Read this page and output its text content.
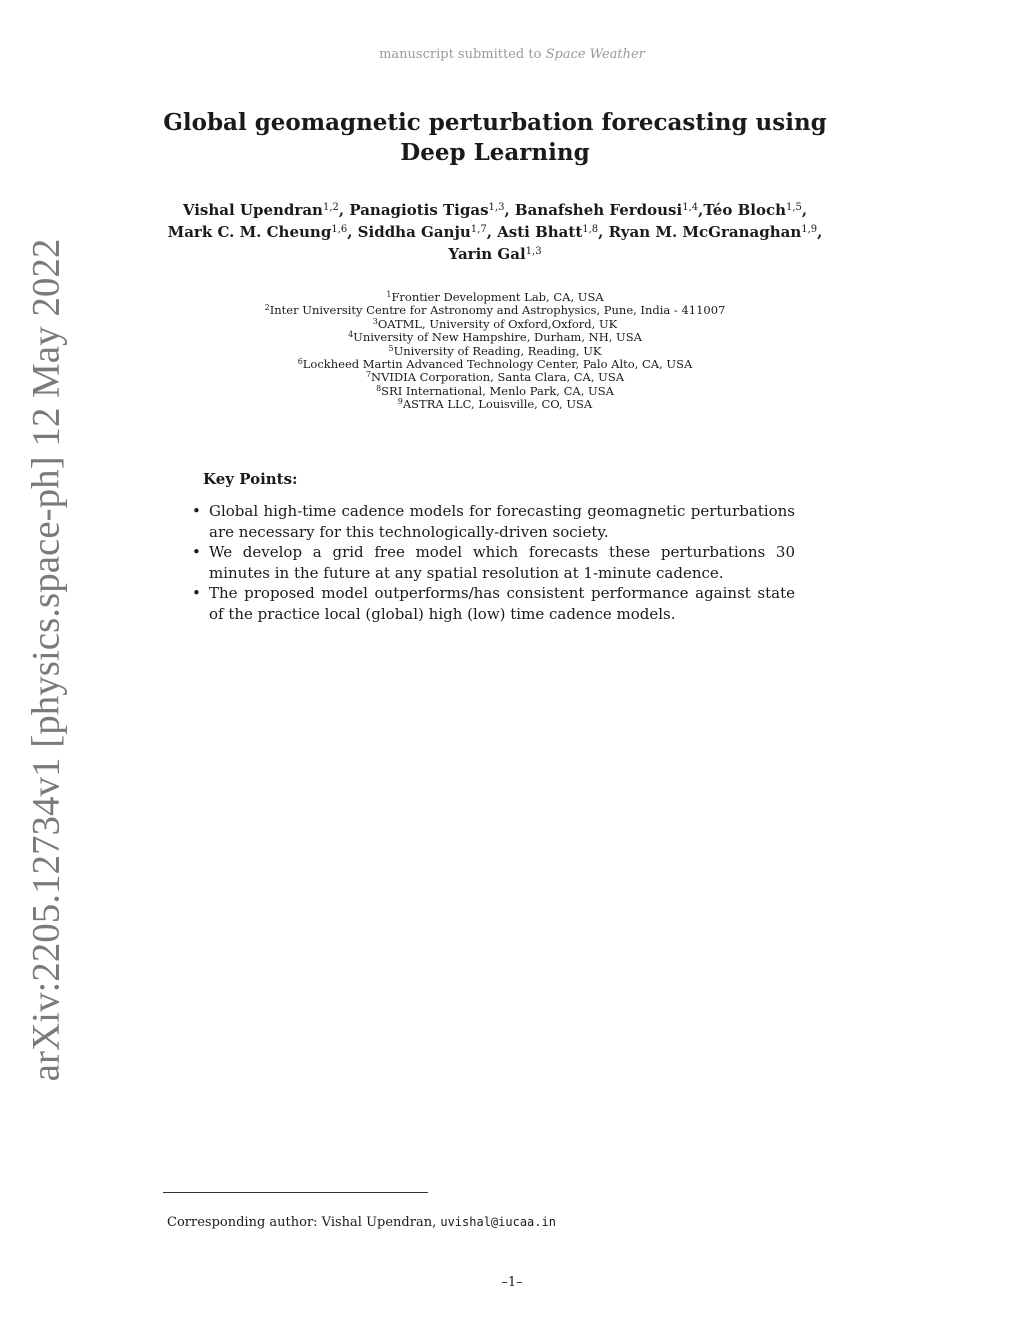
manuscript submitted to Space Weather
Global geomagnetic perturbation forecasting using
Deep Learning
Vishal Upendran$^{1,2}$, Panagiotis Tigas$^{1,3}$, Banafsheh Ferdousi$^{1,4}$,Téo Bloch$^{1,5}$,
Mark C. M. Cheung$^{1,6}$, Siddha Ganju$^{1,7}$, Asti Bhatt$^{1,8}$, Ryan M. McGranaghan$^{1,9}$, Yarin Gal$^{1,3}$
$^1$Frontier Development Lab, CA, USA
$^2$Inter University Centre for Astronomy and Astrophysics, Pune, India - 411007
$^3$OATML, University of Oxford,Oxford, UK
$^4$University of New Hampshire, Durham, NH, USA
$^5$University of Reading, Reading, UK
$^6$Lockheed Martin Advanced Technology Center, Palo Alto, CA, USA
$^7$NVIDIA Corporation, Santa Clara, CA, USA
$^8$SRI International, Menlo Park, CA, USA
$^9$ASTRA LLC, Louisville, CO, USA
Key Points:
• Global high-time cadence models for forecasting geomagnetic perturbations are necessary for this technologically-driven society.
• We develop a grid free model which forecasts these perturbations 30 minutes in the future at any spatial resolution at 1-minute cadence.
• The proposed model outperforms/has consistent performance against state of the practice local (global) high (low) time cadence models.
arXiv:2205.12734v1 [physics.space-ph] 12 May 2022
Corresponding author: Vishal Upendran, uvishal@iucaa.in
–1–
